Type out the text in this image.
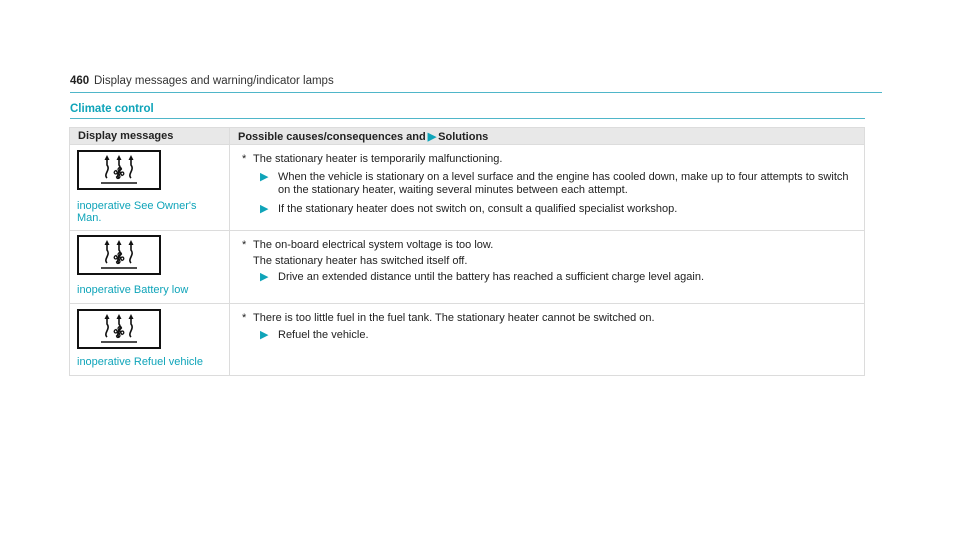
460 Display messages and warning/indicator lamps
Climate control
Display messages	Possible causes/consequences and ▶ Solutions
inoperative See Owner's Man.
* The stationary heater is temporarily malfunctioning.
▶ When the vehicle is stationary on a level surface and the engine has cooled down, make up to four attempts to switch on the stationary heater, waiting several minutes between each attempt.
▶ If the stationary heater does not switch on, consult a qualified specialist workshop.
inoperative Battery low
* The on-board electrical system voltage is too low.
The stationary heater has switched itself off.
▶ Drive an extended distance until the battery has reached a sufficient charge level again.
inoperative Refuel vehicle
* There is too little fuel in the fuel tank. The stationary heater cannot be switched on.
▶ Refuel the vehicle.
